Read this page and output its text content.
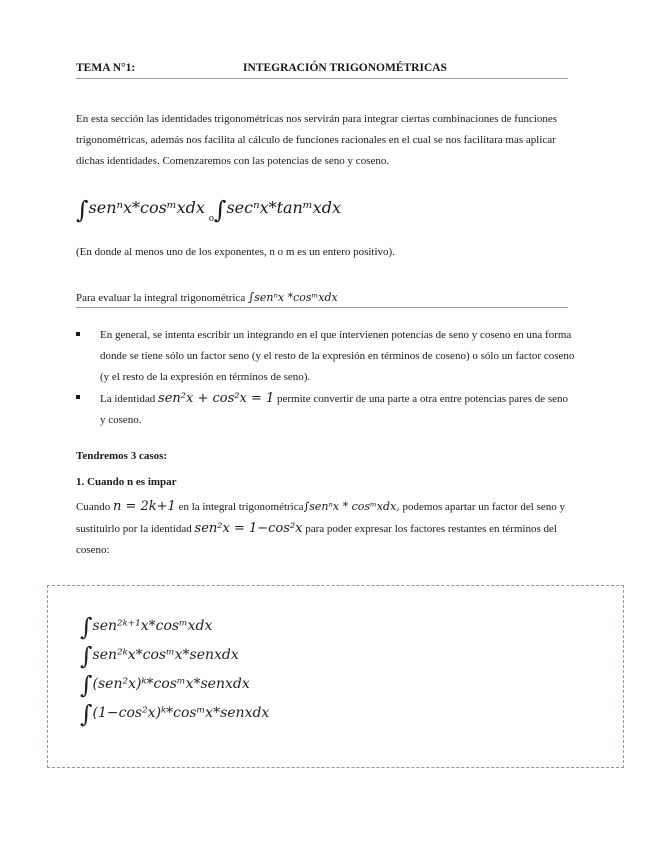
TEMA N°1:	INTEGRACIÓN TRIGONOMÉTRICAS

En esta sección las identidades trigonométricas nos servirán para integrar ciertas combinaciones de funciones trigonométricas, además nos facilita al cálculo de funciones racionales en el cual se nos facilitara mas aplicar dichas identidades. Comenzaremos con las potencias de seno y coseno.

∫senⁿx*cosᵐxdx $_o$∫secⁿx*tanᵐxdx

(En donde al menos uno de los exponentes, n o m es un entero positivo).

Para evaluar la integral trigonométrica ∫senⁿx *cosᵐxdx

En general, se intenta escribir un integrando en el que intervienen potencias de seno y coseno en una forma donde se tiene sólo un factor seno (y el resto de la expresión en términos de coseno) o sólo un factor coseno (y el resto de la expresión en términos de seno).

La identidad sen²x + cos²x = 1 permite convertir de una parte a otra entre potencias pares de seno y coseno.

Tendremos 3 casos:

1. Cuando n es impar

Cuando n = 2k+1 en la integral trigonométrica∫senⁿx * cosᵐxdx, podemos apartar un factor del seno y sustituirlo por la identidad sen²x = 1−cos²x para poder expresar los factores restantes en términos del coseno:

∫sen²ᵏ⁺¹x*cosᵐxdx
∫sen²ᵏx*cosᵐx*senxdx
∫(sen²x)ᵏ*cosᵐx*senxdx
∫(1−cos²x)ᵏ*cosᵐx*senxdx
